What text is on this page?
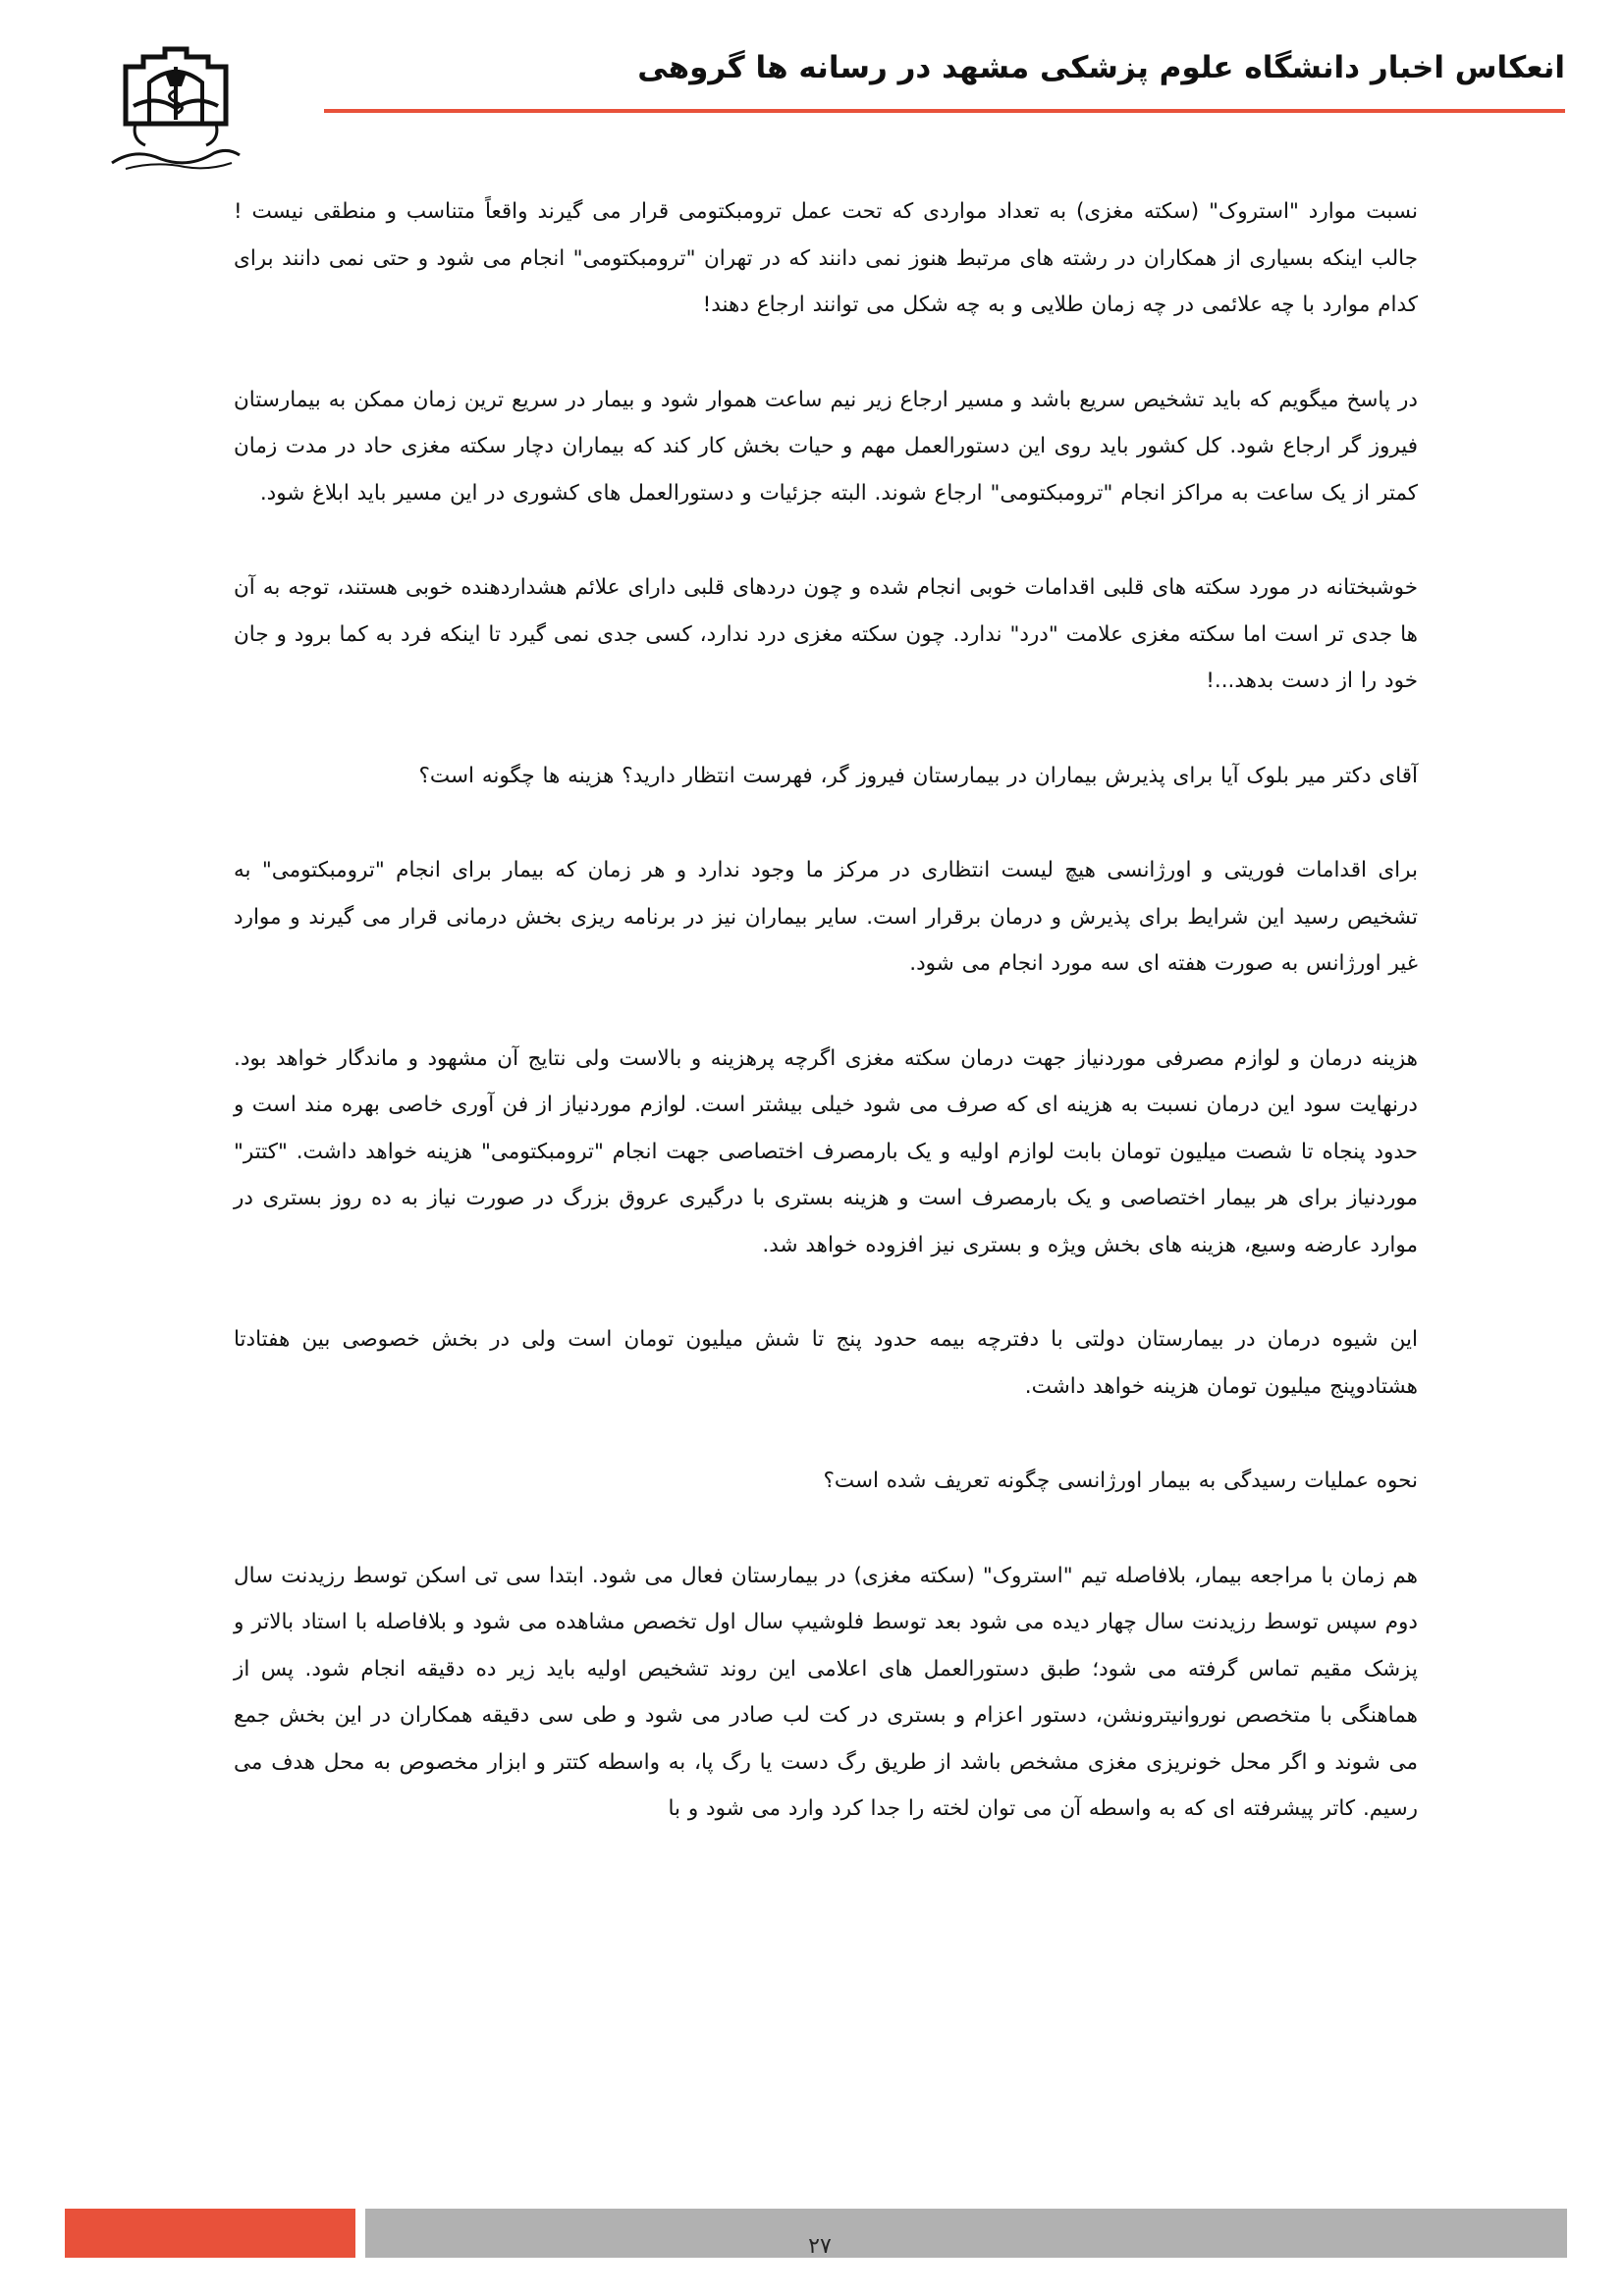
انعکاس اخبار دانشگاه علوم پزشکی مشهد در رسانه ها گروهی

نسبت موارد "استروک" (سکته مغزی) به تعداد مواردی که تحت عمل ترومبکتومی قرار می گیرند واقعاً متناسب و منطقی نیست ! جالب اینکه بسیاری از همکاران در رشته های مرتبط هنوز نمی دانند که در تهران "ترومبکتومی" انجام می شود و حتی نمی دانند برای کدام موارد با چه علائمی در چه زمان طلایی و به چه شکل می توانند ارجاع دهند!

در پاسخ میگویم که باید تشخیص سریع باشد و مسیر ارجاع زیر نیم ساعت هموار شود و بیمار در سریع ترین زمان ممکن به بیمارستان فیروز گر ارجاع شود. کل کشور باید روی این دستورالعمل مهم و حیات بخش کار کند که بیماران دچار سکته مغزی حاد در مدت زمان کمتر از یک ساعت به مراکز انجام "ترومبکتومی" ارجاع شوند. البته جزئیات و دستورالعمل های کشوری در این مسیر باید ابلاغ شود.

خوشبختانه در مورد سکته های قلبی اقدامات خوبی انجام شده و چون دردهای قلبی دارای علائم هشداردهنده خوبی هستند، توجه به آن ها جدی تر است اما سکته مغزی علامت "درد" ندارد. چون سکته مغزی درد ندارد، کسی جدی نمی گیرد تا اینکه فرد به کما برود و جان خود را از دست بدهد...!

آقای دکتر میر بلوک آیا برای پذیرش بیماران در بیمارستان فیروز گر، فهرست انتظار دارید؟ هزینه ها چگونه است؟

برای اقدامات فوریتی و اورژانسی هیچ لیست انتظاری در مرکز ما وجود ندارد و هر زمان که بیمار برای انجام "ترومبکتومی" به تشخیص رسید این شرایط برای پذیرش و درمان برقرار است. سایر بیماران نیز در برنامه ریزی بخش درمانی قرار می گیرند و موارد غیر اورژانس به صورت هفته ای سه مورد انجام می شود.

هزینه درمان و لوازم مصرفی موردنیاز جهت درمان سکته مغزی اگرچه پرهزینه و بالاست ولی نتایج آن مشهود و ماندگار خواهد بود. درنهایت سود این درمان نسبت به هزینه ای که صرف می شود خیلی بیشتر است. لوازم موردنیاز از فن آوری خاصی بهره مند است و حدود پنجاه تا شصت میلیون تومان بابت لوازم اولیه و یک بارمصرف اختصاصی جهت انجام "ترومبکتومی" هزینه خواهد داشت. "کتتر" موردنیاز برای هر بیمار اختصاصی و یک بارمصرف است و هزینه بستری با درگیری عروق بزرگ در صورت نیاز به ده روز بستری در موارد عارضه وسیع، هزینه های بخش ویژه و بستری نیز افزوده خواهد شد.

این شیوه درمان در بیمارستان دولتی با دفترچه بیمه حدود پنج تا شش میلیون تومان است ولی در بخش خصوصی بین هفتادتا هشتادوپنج میلیون تومان هزینه خواهد داشت.

نحوه عملیات رسیدگی به بیمار اورژانسی چگونه تعریف شده است؟

هم زمان با مراجعه بیمار، بلافاصله تیم "استروک" (سکته مغزی) در بیمارستان فعال می شود. ابتدا سی تی اسکن توسط رزیدنت سال دوم سپس توسط رزیدنت سال چهار دیده می شود بعد توسط فلوشیپ سال اول تخصص مشاهده می شود و بلافاصله با استاد بالاتر و پزشک مقیم تماس گرفته می شود؛ طبق دستورالعمل های اعلامی این روند تشخیص اولیه باید زیر ده دقیقه انجام شود. پس از هماهنگی با متخصص نوروانیترونشن، دستور اعزام و بستری در کت لب صادر می شود و طی سی دقیقه همکاران در این بخش جمع می شوند و اگر محل خونریزی مغزی مشخص باشد از طریق رگ دست یا رگ پا، به واسطه کتتر و ابزار مخصوص به محل هدف می رسیم. کاتر پیشرفته ای که به واسطه آن می توان لخته را جدا کرد وارد می شود و با

۲۷
